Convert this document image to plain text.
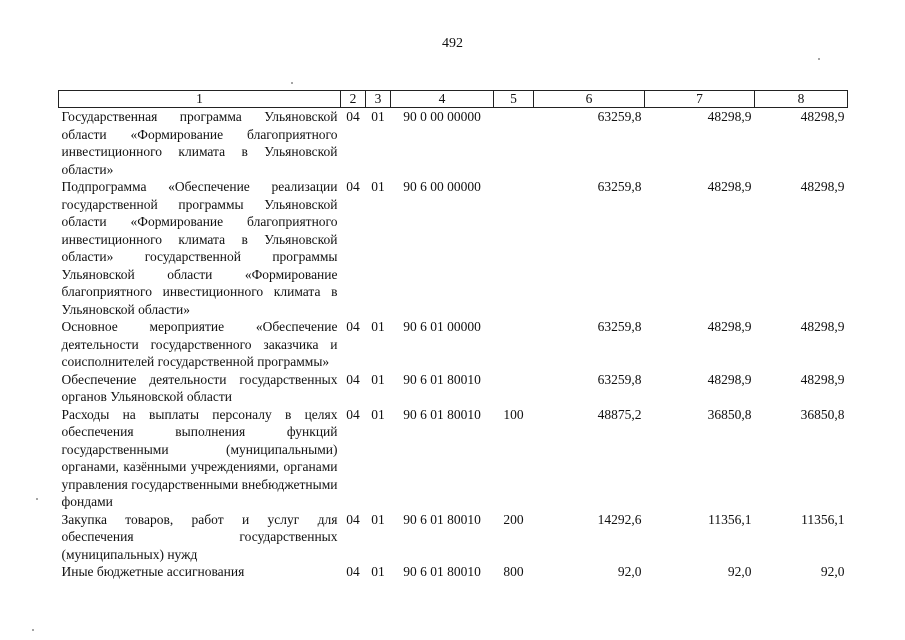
492
1	2	3	4	5	6	7	8
Государственная программа Ульяновской области «Формирование благоприятного инвестиционного климата в Ульяновской области»	04	01	90 0 00 00000		63259,8	48298,9	48298,9
Подпрограмма «Обеспечение реализации государственной программы Ульяновской области «Формирование благоприятного инвестиционного климата в Ульяновской области» государственной программы Ульяновской области «Формирование благоприятного инвестиционного климата в Ульяновской области»	04	01	90 6 00 00000		63259,8	48298,9	48298,9
Основное мероприятие «Обеспечение деятельности государственного заказчика и соисполнителей государственной программы»	04	01	90 6 01 00000		63259,8	48298,9	48298,9
Обеспечение деятельности государственных органов Ульяновской области	04	01	90 6 01 80010		63259,8	48298,9	48298,9
Расходы на выплаты персоналу в целях обеспечения выполнения функций государственными (муниципальными) органами, казёнными учреждениями, органами управления государственными внебюджетными фондами	04	01	90 6 01 80010	100	48875,2	36850,8	36850,8
Закупка товаров, работ и услуг для обеспечения государственных (муниципальных) нужд	04	01	90 6 01 80010	200	14292,6	11356,1	11356,1
Иные бюджетные ассигнования	04	01	90 6 01 80010	800	92,0	92,0	92,0
